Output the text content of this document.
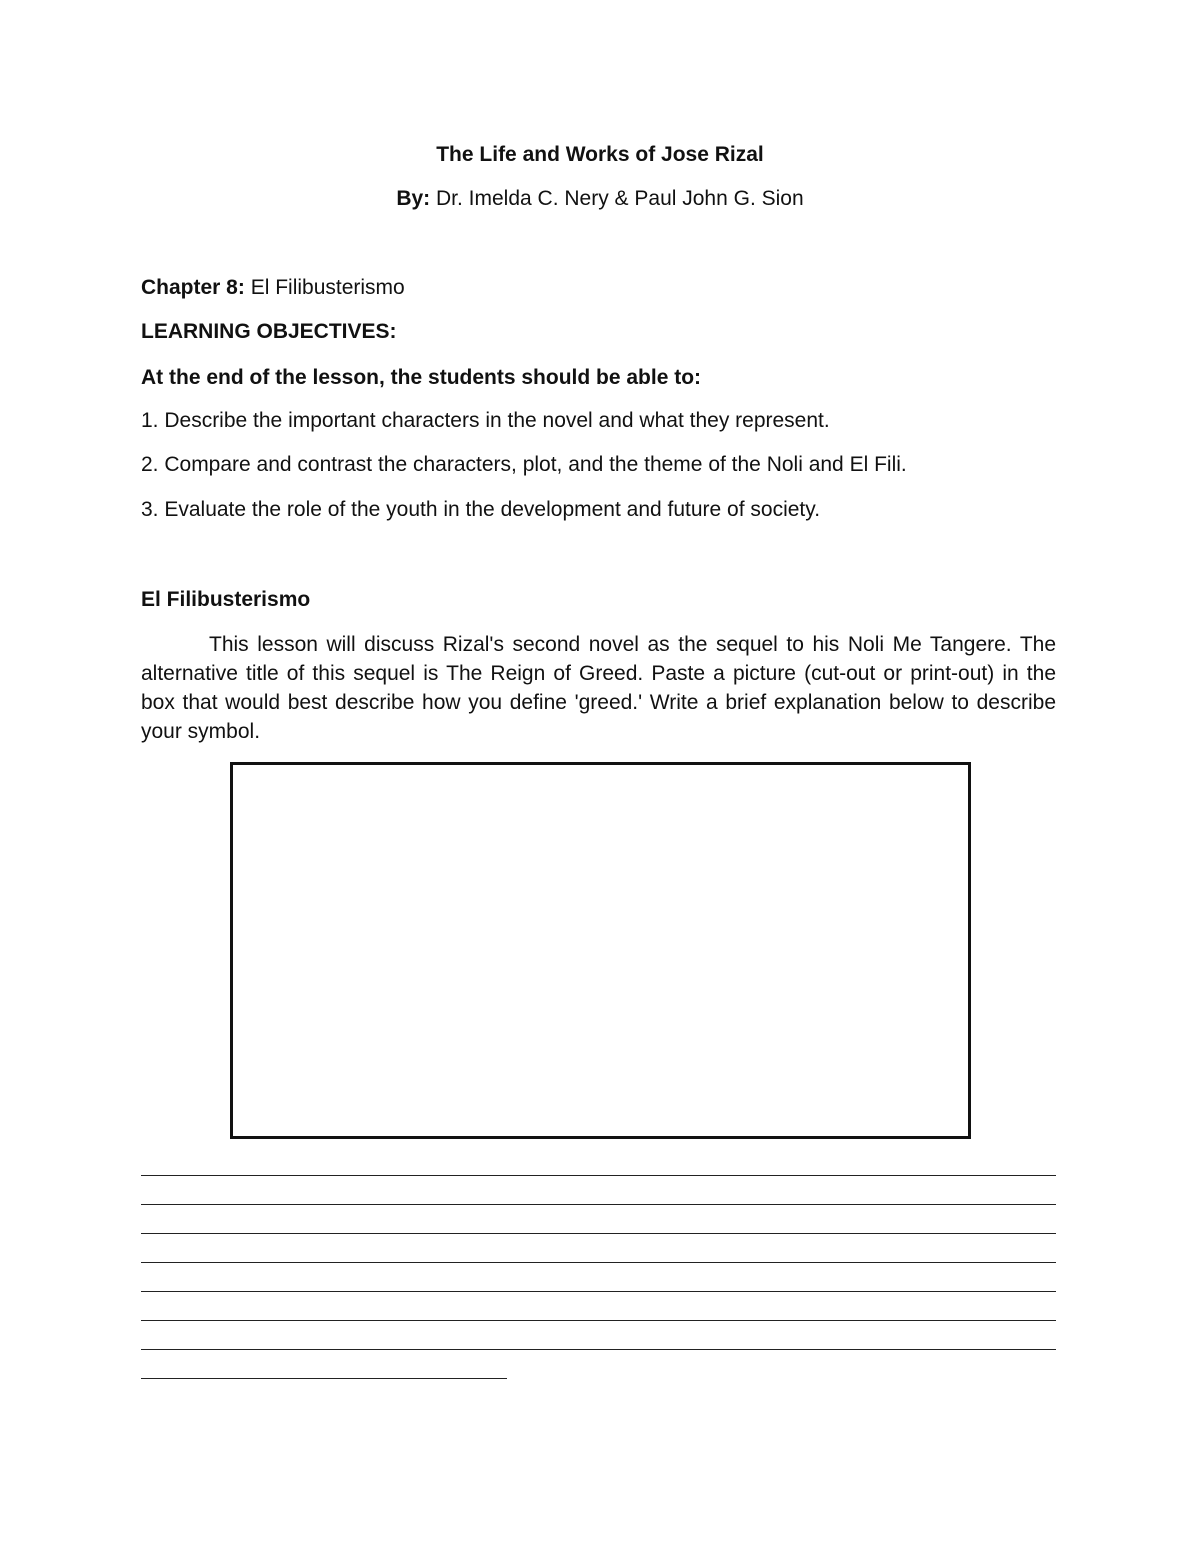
The Life and Works of Jose Rizal
By: Dr. Imelda C. Nery & Paul John G. Sion
Chapter 8: El Filibusterismo
LEARNING OBJECTIVES:
At the end of the lesson, the students should be able to:
1. Describe the important characters in the novel and what they represent.
2. Compare and contrast the characters, plot, and the theme of the Noli and El Fili.
3. Evaluate the role of the youth in the development and future of society.
El Filibusterismo
This lesson will discuss Rizal's second novel as the sequel to his Noli Me Tangere. The alternative title of this sequel is The Reign of Greed. Paste a picture (cut-out or print-out) in the box that would best describe how you define 'greed.' Write a brief explanation below to describe your symbol.
